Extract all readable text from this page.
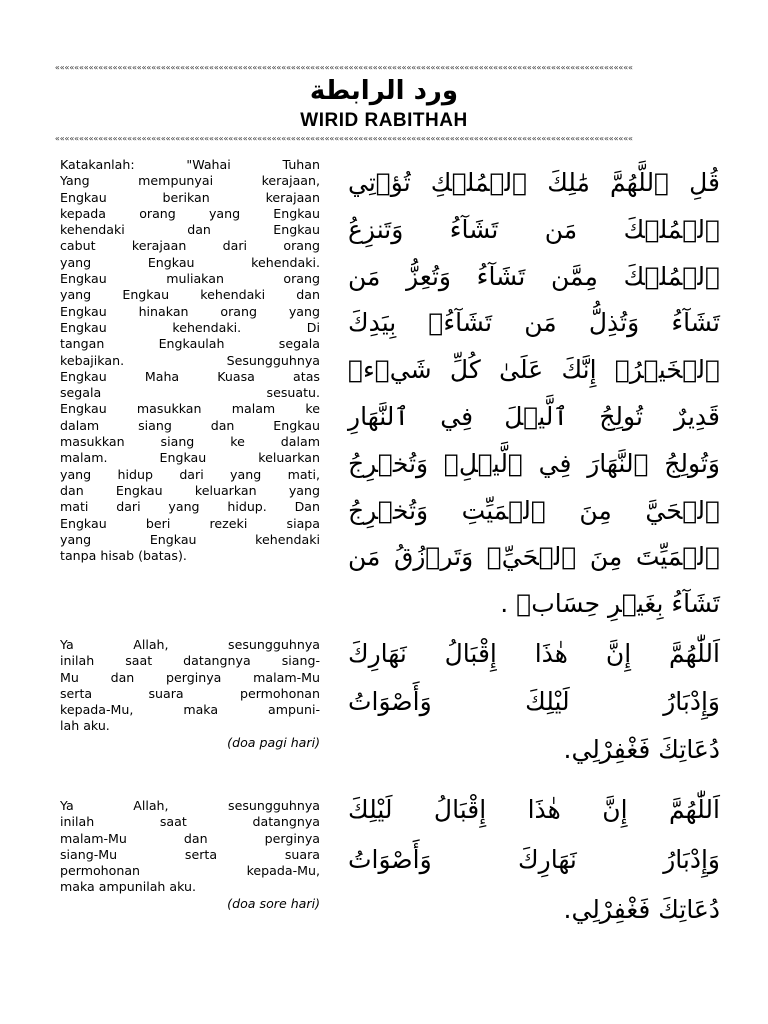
««««««««««««««««««««««««««««««««««««««««««««««««««««««««««««««««««««««««««««««««««««««««««««««««««««««««««««««««««««««««
ورد الرابطة
WIRID RABITHAH
««««««««««««««««««««««««««««««««««««««««««««««««««««««««««««««««««««««««««««««««««««««««««««««««««««««««««««««««««««««««
Katakanlah: "Wahai Tuhan
Yang mempunyai kerajaan,
Engkau berikan kerajaan
kepada orang yang Engkau
kehendaki dan Engkau
cabut kerajaan dari orang
yang Engkau kehendaki.
Engkau muliakan orang
yang Engkau kehendaki dan
Engkau hinakan orang yang
Engkau kehendaki. Di
tangan Engkaulah segala
kebajikan. Sesungguhnya
Engkau Maha Kuasa atas
segala sesuatu.
Engkau masukkan malam ke
dalam siang dan Engkau
masukkan siang ke dalam
malam. Engkau keluarkan
yang hidup dari yang mati,
dan Engkau keluarkan yang
mati dari yang hidup. Dan
Engkau beri rezeki siapa
yang Engkau kehendaki
tanpa hisab (batas).
قُلِ ٱللَّهُمَّ مَٰلِكَ ٱلۡمُلۡكِ تُؤۡتِي
ٱلۡمُلۡكَ مَن تَشَآءُ وَتَنزِعُ
ٱلۡمُلۡكَ مِمَّن تَشَآءُ وَتُعِزُّ مَن
تَشَآءُ وَتُذِلُّ مَن تَشَآءُۖ بِيَدِكَ
ٱلۡخَيۡرُۖ إِنَّكَ عَلَىٰ كُلِّ شَيۡءٖ
قَدِيرٌ تُولِجُ ٱلَّيۡلَ فِي ٱلنَّهَارِ
وَتُولِجُ ٱلنَّهَارَ فِي ٱلَّيۡلِۖ وَتُخۡرِجُ
ٱلۡحَيَّ مِنَ ٱلۡمَيِّتِ وَتُخۡرِجُ
ٱلۡمَيِّتَ مِنَ ٱلۡحَيِّۖ وَتَرۡزُقُ مَن
تَشَآءُ بِغَيۡرِ حِسَابٖ .
Ya Allah, sesungguhnya
inilah saat datangnya siang-
Mu dan perginya malam-Mu
serta suara permohonan
kepada-Mu, maka ampuni-
lah aku.
(doa pagi hari)
اَللّٰهُمَّ إِنَّ هٰذَا إِقْبَالُ نَهَارِكَ
وَإِدْبَارُ لَيْلِكَ وَأَصْوَاتُ
دُعَاتِكَ فَغْفِرْلِي.
Ya Allah, sesungguhnya
inilah saat datangnya
malam-Mu dan perginya
siang-Mu serta suara
permohonan kepada-Mu,
maka ampunilah aku.
(doa sore hari)
اَللّٰهُمَّ إِنَّ هٰذَا إِقْبَالُ لَيْلِكَ
وَإِدْبَارُ نَهَارِكَ وَأَصْوَاتُ
دُعَاتِكَ فَغْفِرْلِي.
